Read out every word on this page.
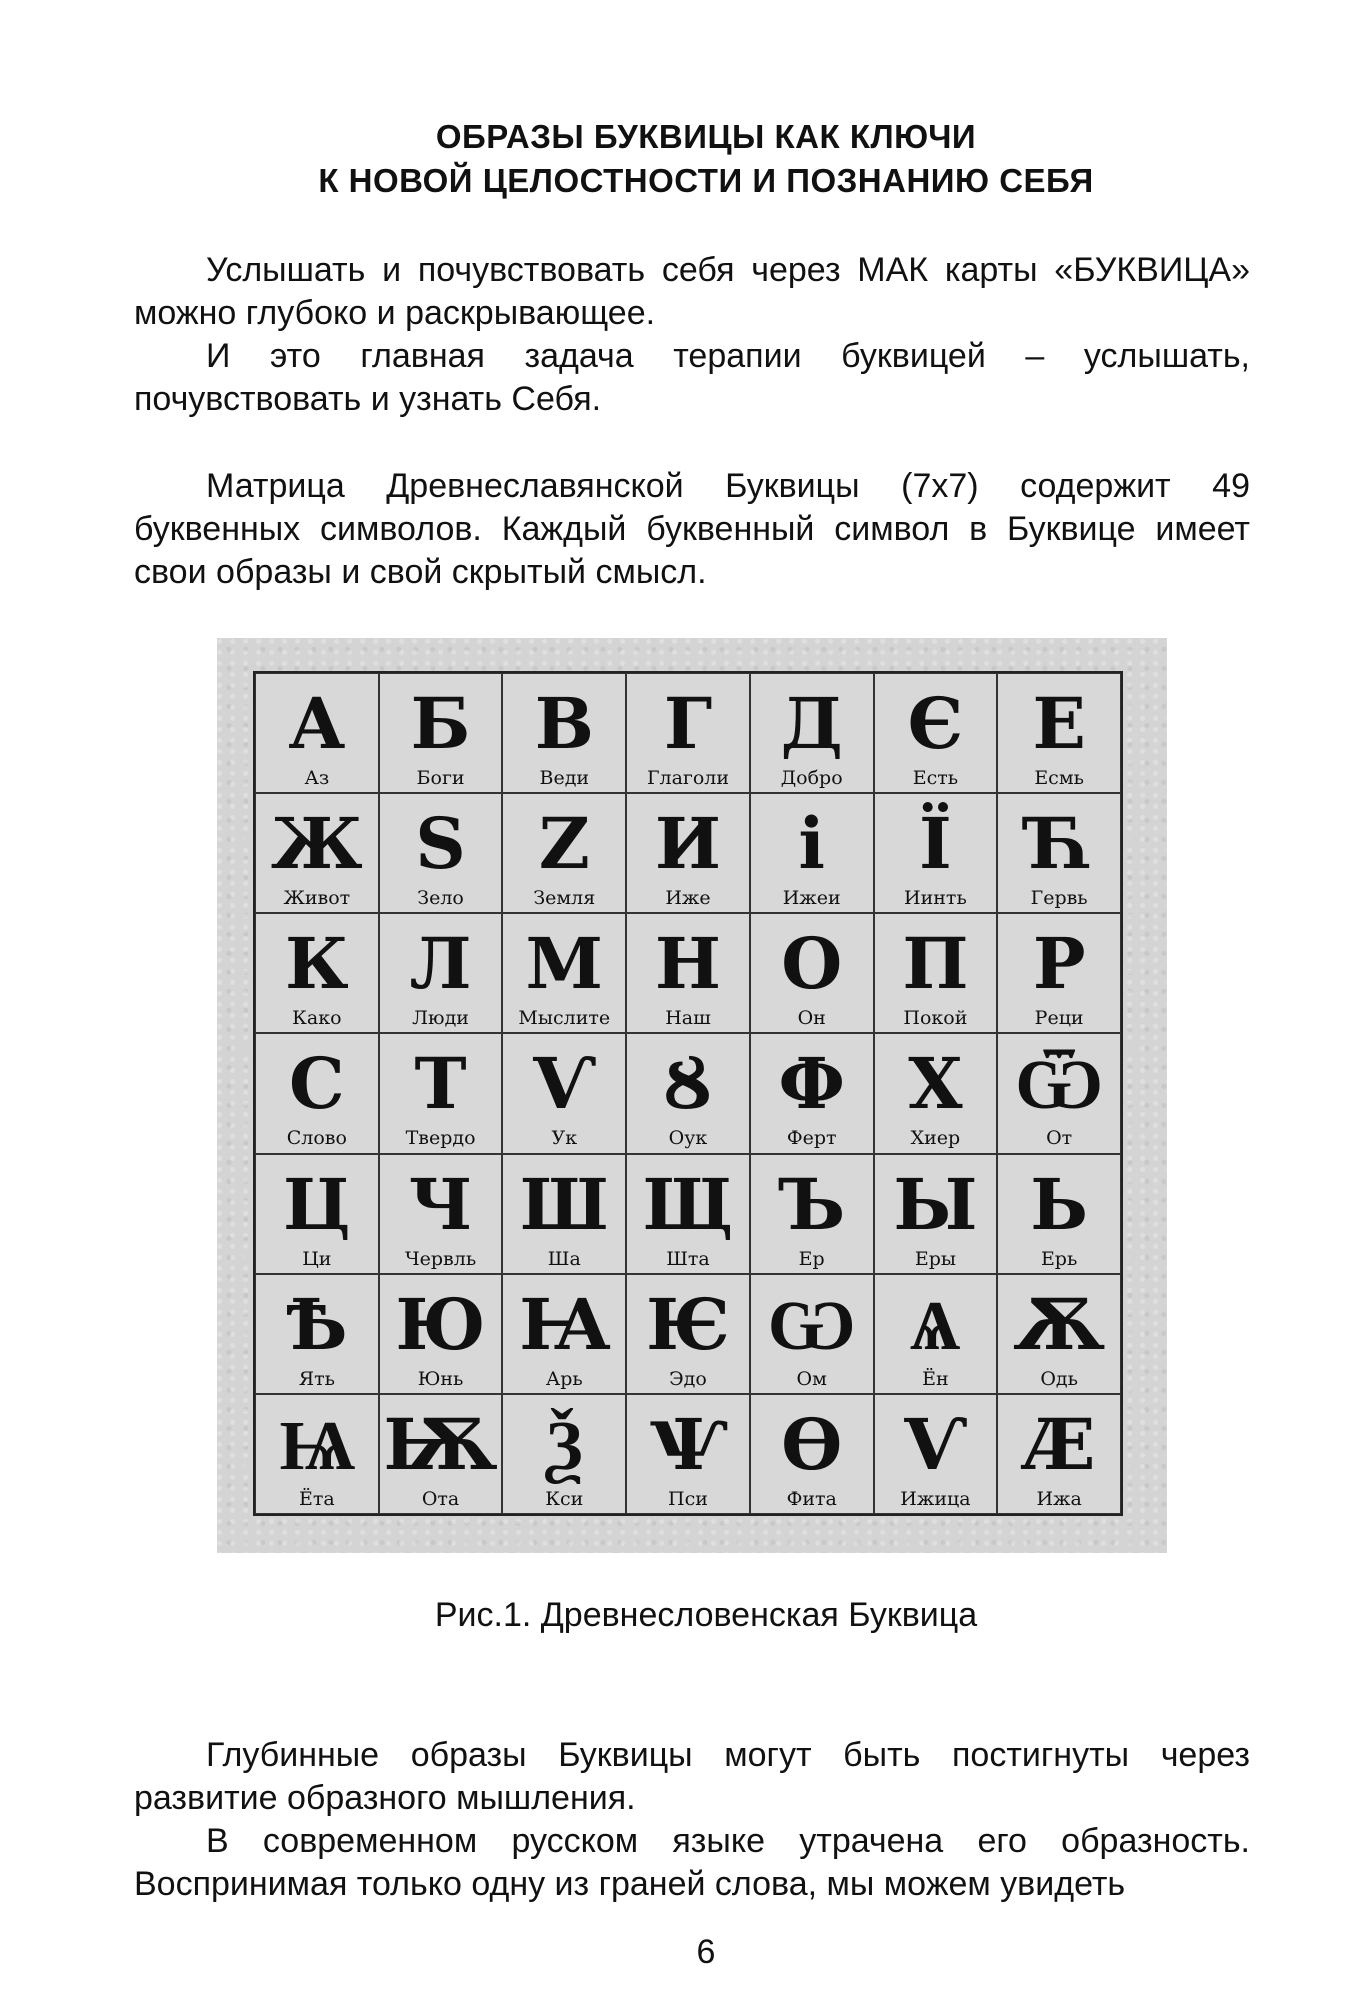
ОБРАЗЫ БУКВИЦЫ КАК КЛЮЧИ
К НОВОЙ ЦЕЛОСТНОСТИ И ПОЗНАНИЮ СЕБЯ

Услышать и почувствовать себя через МАК карты «БУКВИЦА» можно глубоко и раскрывающее.

И это главная задача терапии буквицей – услышать, почувствовать и узнать Себя.

Матрица Древнеславянской Буквицы (7х7) содержит 49 буквенных символов. Каждый буквенный символ в Буквице имеет свои образы и свой скрытый смысл.

А
Аз
Б
Боги
В
Веди
Г
Глаголи
Д
Добро
Є
Есть
Е
Есмь
Ж
Живот
Ѕ
Зело
Ζ
Земля
И
Иже
і
Ижеи
Ї
Иинть
Ћ
Гервь
К
Како
Л
Люди
М
Мыслите
Н
Наш
О
Он
П
Покой
Р
Реци
С
Слово
Т
Твердо
Ѵ
Ук
Ȣ
Оук
Ф
Ферт
Х
Хиер
Ѿ
От
Ц
Ци
Ч
Червль
Ш
Ша
Щ
Шта
Ъ
Ер
Ы
Еры
Ь
Ерь
Ѣ
Ять
Ю
Юнь
Ꙗ
Арь
Ѥ
Эдо
Ѡ
Ом
Ѧ
Ён
Ѫ
Одь
Ѩ
Ёта
Ѭ
Ота
Ѯ
Кси
Ѱ
Пси
Ѳ
Фита
Ѵ
Ижица
Ӕ
Ижа
Рис.1. Древнесловенская Буквица

Глубинные образы Буквицы могут быть постигнуты через развитие образного мышления.

В современном русском языке утрачена его образность. Воспринимая только одну из граней слова, мы можем увидеть

6
